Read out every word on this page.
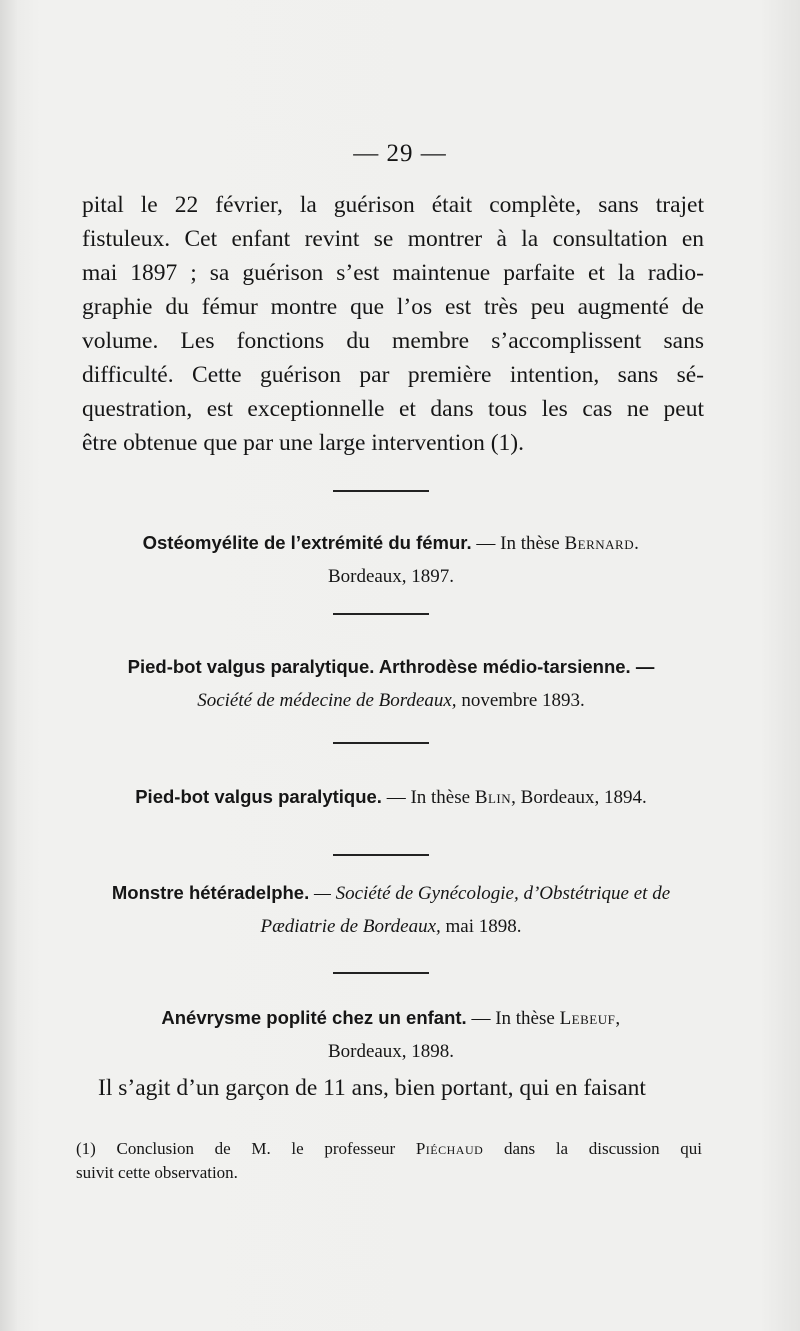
— 29 —
pital le 22 février, la guérison était complète, sans trajet
fistuleux. Cet enfant revint se montrer à la consultation en
mai 1897 ; sa guérison s’est maintenue parfaite et la radio-
graphie du fémur montre que l’os est très peu augmenté de
volume. Les fonctions du membre s’accomplissent sans
difficulté. Cette guérison par première intention, sans sé-
questration, est exceptionnelle et dans tous les cas ne peut
être obtenue que par une large intervention (1).
Ostéomyélite de l’extrémité du fémur. — In thèse Bernard.
Bordeaux, 1897.
Pied-bot valgus paralytique. Arthrodèse médio-tarsienne. —
Société de médecine de Bordeaux, novembre 1893.
Pied-bot valgus paralytique. — In thèse Blin, Bordeaux, 1894.
Monstre hétéradelphe. — Société de Gynécologie, d’Obstétrique et de
Pædiatrie de Bordeaux, mai 1898.
Anévrysme poplité chez un enfant. — In thèse Lebeuf,
Bordeaux, 1898.
Il s’agit d’un garçon de 11 ans, bien portant, qui en faisant
(1) Conclusion de M. le professeur Piéchaud dans la discussion qui
suivit cette observation.
